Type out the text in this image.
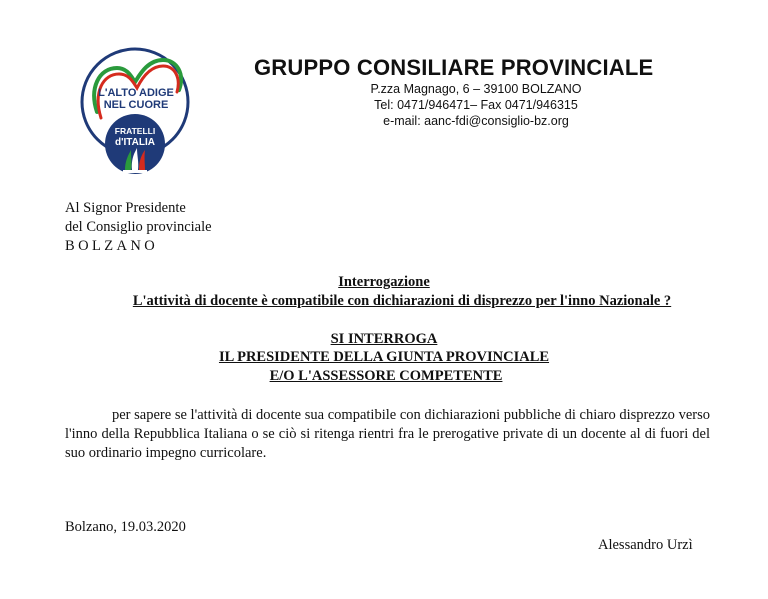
L'ALTO ADIGE
NEL CUORE
FRATELLI
d'ITALIA
GRUPPO CONSILIARE PROVINCIALE
P.zza Magnago, 6 – 39100 BOLZANO
Tel: 0471/946471– Fax 0471/946315
e-mail: aanc-fdi@consiglio-bz.org
Al Signor Presidente
del Consiglio provinciale
BOLZANO
Interrogazione
L'attività di docente è compatibile con dichiarazioni di disprezzo per l'inno Nazionale ?
SI INTERROGA
IL PRESIDENTE DELLA GIUNTA PROVINCIALE
E/O L'ASSESSORE COMPETENTE
per sapere se l'attività di docente sua compatibile con dichiarazioni pubbliche di chiaro disprezzo verso l'inno della Repubblica Italiana o se ciò si ritenga rientri fra le prerogative private di un docente al di fuori del suo ordinario impegno curricolare.
Bolzano, 19.03.2020
Alessandro Urzì
